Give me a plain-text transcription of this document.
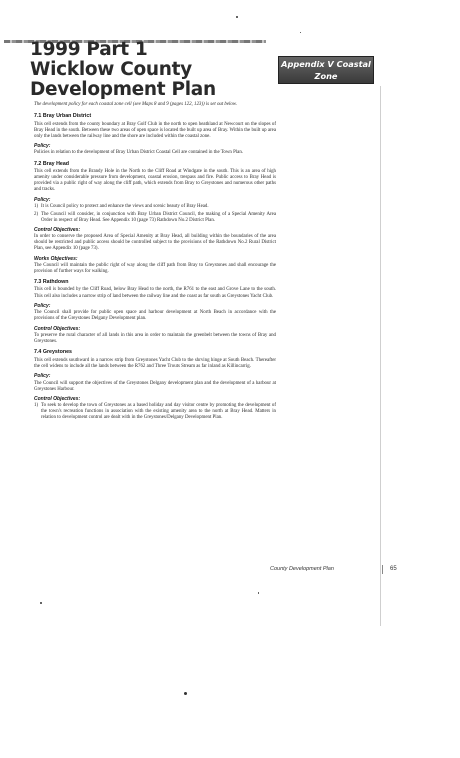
1999 Part 1
Wicklow County
Development Plan
Appendix V Coastal Zone
Management Plan

The development policy for each coastal zone cell (see Maps 8 and 9 (pages 122, 123)) is set out below.

7.1 Bray Urban District

This cell extends from the county boundary at Bray Golf Club in the north to open heathland at Newcourt on the slopes of Bray Head in the south. Between these two areas of open space is located the built up area of Bray. Within the built up area only the lands between the railway line and the shore are included within the coastal zone.

Policy:

Policies in relation to the development of Bray Urban District Coastal Cell are contained in the Town Plan.

7.2 Bray Head

This cell extends from the Brandy Hole in the North to the Cliff Road at Windgate in the south. This is an area of high amenity under considerable pressure from development, coastal erosion, trespass and fire. Public access to Bray Head is provided via a public right of way along the cliff path, which extends from Bray to Greystones and numerous other paths and tracks.

Policy:
1) It is Council policy to protect and enhance the views and scenic beauty of Bray Head.
2) The Council will consider, in conjunction with Bray Urban District Council, the making of a Special Amenity Area Order in respect of Bray Head. See Appendix 10 (page 73) Rathdown No.2 District Plan.
Control Objectives:

In order to conserve the proposed Area of Special Amenity at Bray Head, all building within the boundaries of the area should be restricted and public access should be controlled subject to the provisions of the Rathdown No.2 Rural District Plan, see Appendix 10 (page 73).

Works Objectives:

The Council will maintain the public right of way along the cliff path from Bray to Greystones and shall encourage the provision of further ways for walking.

7.3 Rathdown

This cell is bounded by the Cliff Road, below Bray Head to the north, the R761 to the east and Grove Lane to the south. This cell also includes a narrow strip of land between the railway line and the coast as far south as Greystones Yacht Club.

Policy:

The Council shall provide for public open space and harbour development at North Beach in accordance with the provisions of the Greystones Delgany Development plan.

Control Objectives:

To preserve the rural character of all lands in this area in order to maintain the greenbelt between the towns of Bray and Greystones.

7.4 Greystones

This cell extends southward in a narrow strip from Greystones Yacht Club to the shrving hinge at South Beach. Thereafter the cell widens to include all the lands between the R762 and Three Trouts Stream as far inland as Killincarrig.

Policy:

The Council will support the objectives of the Greystones Delgany development plan and the development of a harbour at Greystones Harbour.

Control Objectives:
1) To seek to develop the town of Greystones as a based holiday and day visitor centre by promoting the development of the town's recreation functions in association with the existing amenity area to the north at Bray Head. Matters in relation to development control are dealt with in the Greystones/Delgany Development Plan.
County Development Plan	65
